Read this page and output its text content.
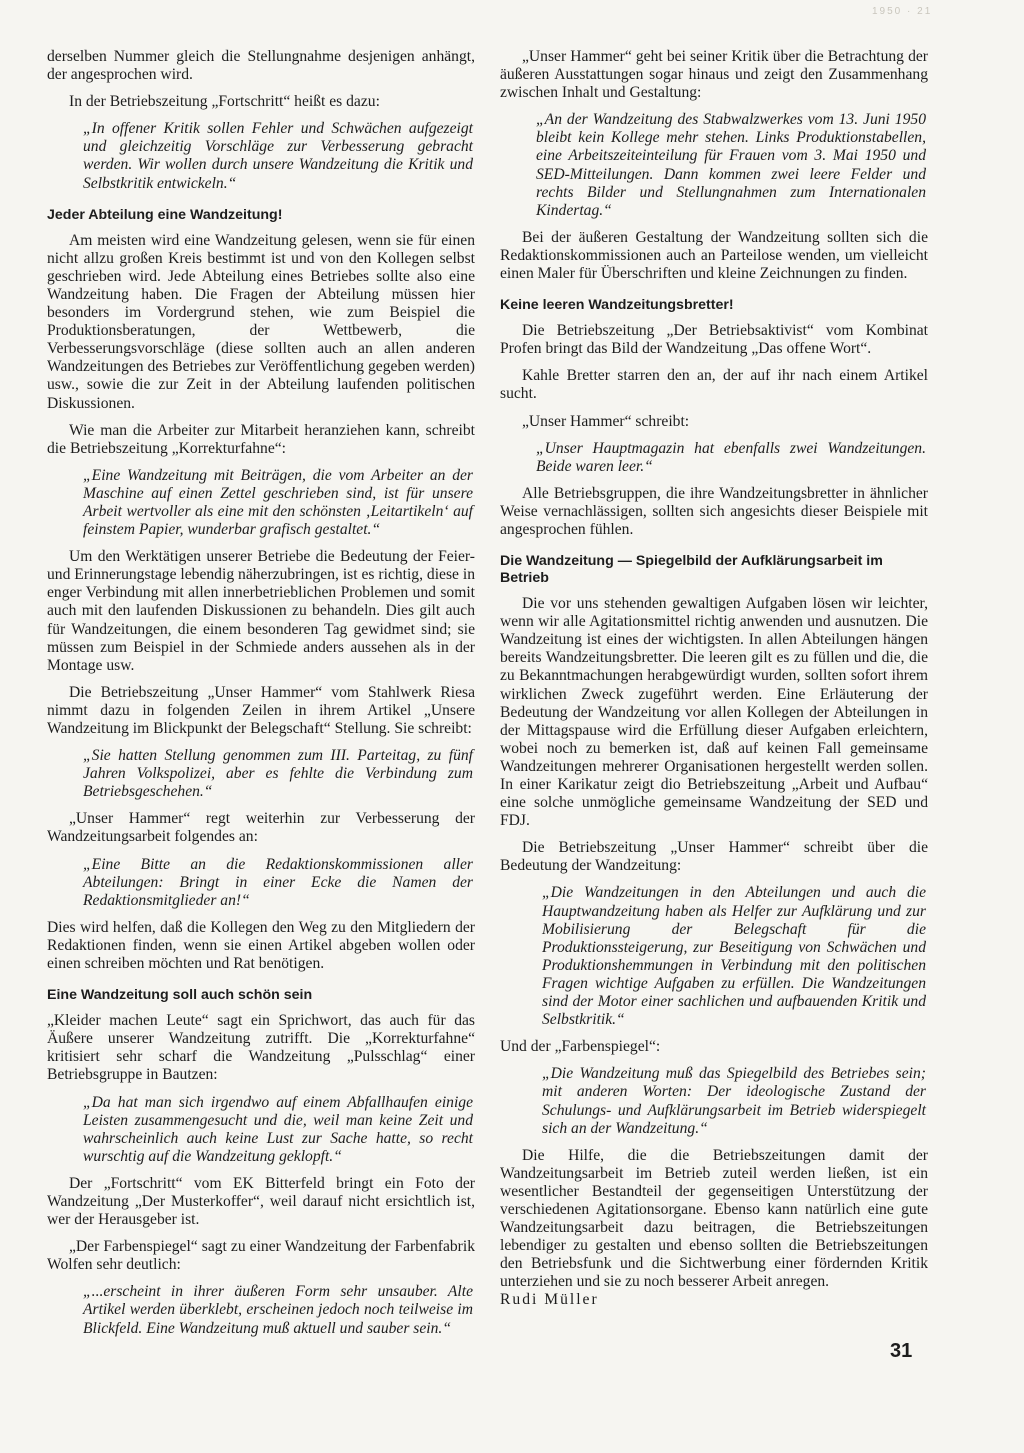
1950 · 21

derselben Nummer gleich die Stellungnahme desjenigen anhängt, der angesprochen wird.

In der Betriebszeitung „Fortschritt“ heißt es dazu:

„In offener Kritik sollen Fehler und Schwächen aufgezeigt und gleichzeitig Vorschläge zur Verbesserung gebracht werden. Wir wollen durch unsere Wandzeitung die Kritik und Selbstkritik entwickeln.“
Jeder Abteilung eine Wandzeitung!

Am meisten wird eine Wandzeitung gelesen, wenn sie für einen nicht allzu großen Kreis bestimmt ist und von den Kollegen selbst geschrieben wird. Jede Abteilung eines Betriebes sollte also eine Wandzeitung haben. Die Fragen der Abteilung müssen hier besonders im Vordergrund stehen, wie zum Beispiel die Produktionsberatungen, der Wettbewerb, die Verbesserungsvorschläge (diese sollten auch an allen anderen Wandzeitungen des Betriebes zur Veröffentlichung gegeben werden) usw., sowie die zur Zeit in der Abteilung laufenden politischen Diskussionen.

Wie man die Arbeiter zur Mitarbeit heranziehen kann, schreibt die Betriebszeitung „Korrekturfahne“:

„Eine Wandzeitung mit Beiträgen, die vom Arbeiter an der Maschine auf einen Zettel geschrieben sind, ist für unsere Arbeit wertvoller als eine mit den schönsten ‚Leitartikeln‘ auf feinstem Papier, wunderbar grafisch gestaltet.“

Um den Werktätigen unserer Betriebe die Bedeutung der Feier- und Erinnerungstage lebendig näherzubringen, ist es richtig, diese in enger Verbindung mit allen innerbetrieblichen Problemen und somit auch mit den laufenden Diskussionen zu behandeln. Dies gilt auch für Wandzeitungen, die einem besonderen Tag gewidmet sind; sie müssen zum Beispiel in der Schmiede anders aussehen als in der Montage usw.

Die Betriebszeitung „Unser Hammer“ vom Stahlwerk Riesa nimmt dazu in folgenden Zeilen in ihrem Artikel „Unsere Wandzeitung im Blickpunkt der Belegschaft“ Stellung. Sie schreibt:

„Sie hatten Stellung genommen zum III. Parteitag, zu fünf Jahren Volkspolizei, aber es fehlte die Verbindung zum Betriebsgeschehen.“

„Unser Hammer“ regt weiterhin zur Verbesserung der Wandzeitungsarbeit folgendes an:

„Eine Bitte an die Redaktionskommissionen aller Abteilungen: Bringt in einer Ecke die Namen der Redaktionsmitglieder an!“

Dies wird helfen, daß die Kollegen den Weg zu den Mitgliedern der Redaktionen finden, wenn sie einen Artikel abgeben wollen oder einen schreiben möchten und Rat benötigen.

Eine Wandzeitung soll auch schön sein

„Kleider machen Leute“ sagt ein Sprichwort, das auch für das Äußere unserer Wandzeitung zutrifft. Die „Korrekturfahne“ kritisiert sehr scharf die Wandzeitung „Pulsschlag“ einer Betriebsgruppe in Bautzen:

„Da hat man sich irgendwo auf einem Abfallhaufen einige Leisten zusammengesucht und die, weil man keine Zeit und wahrscheinlich auch keine Lust zur Sache hatte, so recht wurschtig auf die Wandzeitung geklopft.“

Der „Fortschritt“ vom EK Bitterfeld bringt ein Foto der Wandzeitung „Der Musterkoffer“, weil darauf nicht ersichtlich ist, wer der Herausgeber ist.

„Der Farbenspiegel“ sagt zu einer Wandzeitung der Farbenfabrik Wolfen sehr deutlich:

„...erscheint in ihrer äußeren Form sehr unsauber. Alte Artikel werden überklebt, erscheinen jedoch noch teilweise im Blickfeld. Eine Wandzeitung muß aktuell und sauber sein.“

„Unser Hammer“ geht bei seiner Kritik über die Betrachtung der äußeren Ausstattungen sogar hinaus und zeigt den Zusammenhang zwischen Inhalt und Gestaltung:

„An der Wandzeitung des Stabwalzwerkes vom 13. Juni 1950 bleibt kein Kollege mehr stehen. Links Produktionstabellen, eine Arbeitszeiteinteilung für Frauen vom 3. Mai 1950 und SED-Mitteilungen. Dann kommen zwei leere Felder und rechts Bilder und Stellungnahmen zum Internationalen Kindertag.“

Bei der äußeren Gestaltung der Wandzeitung sollten sich die Redaktionskommissionen auch an Parteilose wenden, um vielleicht einen Maler für Überschriften und kleine Zeichnungen zu finden.

Keine leeren Wandzeitungsbretter!

Die Betriebszeitung „Der Betriebsaktivist“ vom Kombinat Profen bringt das Bild der Wandzeitung „Das offene Wort“.

Kahle Bretter starren den an, der auf ihr nach einem Artikel sucht.

„Unser Hammer“ schreibt:

„Unser Hauptmagazin hat ebenfalls zwei Wandzeitungen. Beide waren leer.“

Alle Betriebsgruppen, die ihre Wandzeitungsbretter in ähnlicher Weise vernachlässigen, sollten sich angesichts dieser Beispiele mit angesprochen fühlen.

Die Wandzeitung — Spiegelbild der Aufklärungsarbeit im Betrieb

Die vor uns stehenden gewaltigen Aufgaben lösen wir leichter, wenn wir alle Agitationsmittel richtig anwenden und ausnutzen. Die Wandzeitung ist eines der wichtigsten. In allen Abteilungen hängen bereits Wandzeitungsbretter. Die leeren gilt es zu füllen und die, die zu Bekanntmachungen herabgewürdigt wurden, sollten sofort ihrem wirklichen Zweck zugeführt werden. Eine Erläuterung der Bedeutung der Wandzeitung vor allen Kollegen der Abteilungen in der Mittagspause wird die Erfüllung dieser Aufgaben erleichtern, wobei noch zu bemerken ist, daß auf keinen Fall gemeinsame Wandzeitungen mehrerer Organisationen hergestellt werden sollen. In einer Karikatur zeigt dio Betriebszeitung „Arbeit und Aufbau“ eine solche unmögliche gemeinsame Wandzeitung der SED und FDJ.

Die Betriebszeitung „Unser Hammer“ schreibt über die Bedeutung der Wandzeitung:

„Die Wandzeitungen in den Abteilungen und auch die Hauptwandzeitung haben als Helfer zur Aufklärung und zur Mobilisierung der Belegschaft für die Produktionssteigerung, zur Beseitigung von Schwächen und Produktionshemmungen in Verbindung mit den politischen Fragen wichtige Aufgaben zu erfüllen. Die Wandzeitungen sind der Motor einer sachlichen und aufbauenden Kritik und Selbstkritik.“

Und der „Farbenspiegel“:

„Die Wandzeitung muß das Spiegelbild des Betriebes sein; mit anderen Worten: Der ideologische Zustand der Schulungs- und Aufklärungsarbeit im Betrieb widerspiegelt sich an der Wandzeitung.“

Die Hilfe, die die Betriebszeitungen damit der Wandzeitungsarbeit im Betrieb zuteil werden ließen, ist ein wesentlicher Bestandteil der gegenseitigen Unterstützung der verschiedenen Agitationsorgane. Ebenso kann natürlich eine gute Wandzeitungsarbeit dazu beitragen, die Betriebszeitungen lebendiger zu gestalten und ebenso sollten die Betriebszeitungen den Betriebsfunk und die Sichtwerbung einer fördernden Kritik unterziehen und sie zu noch besserer Arbeit anregen.

Rudi Müller

31
